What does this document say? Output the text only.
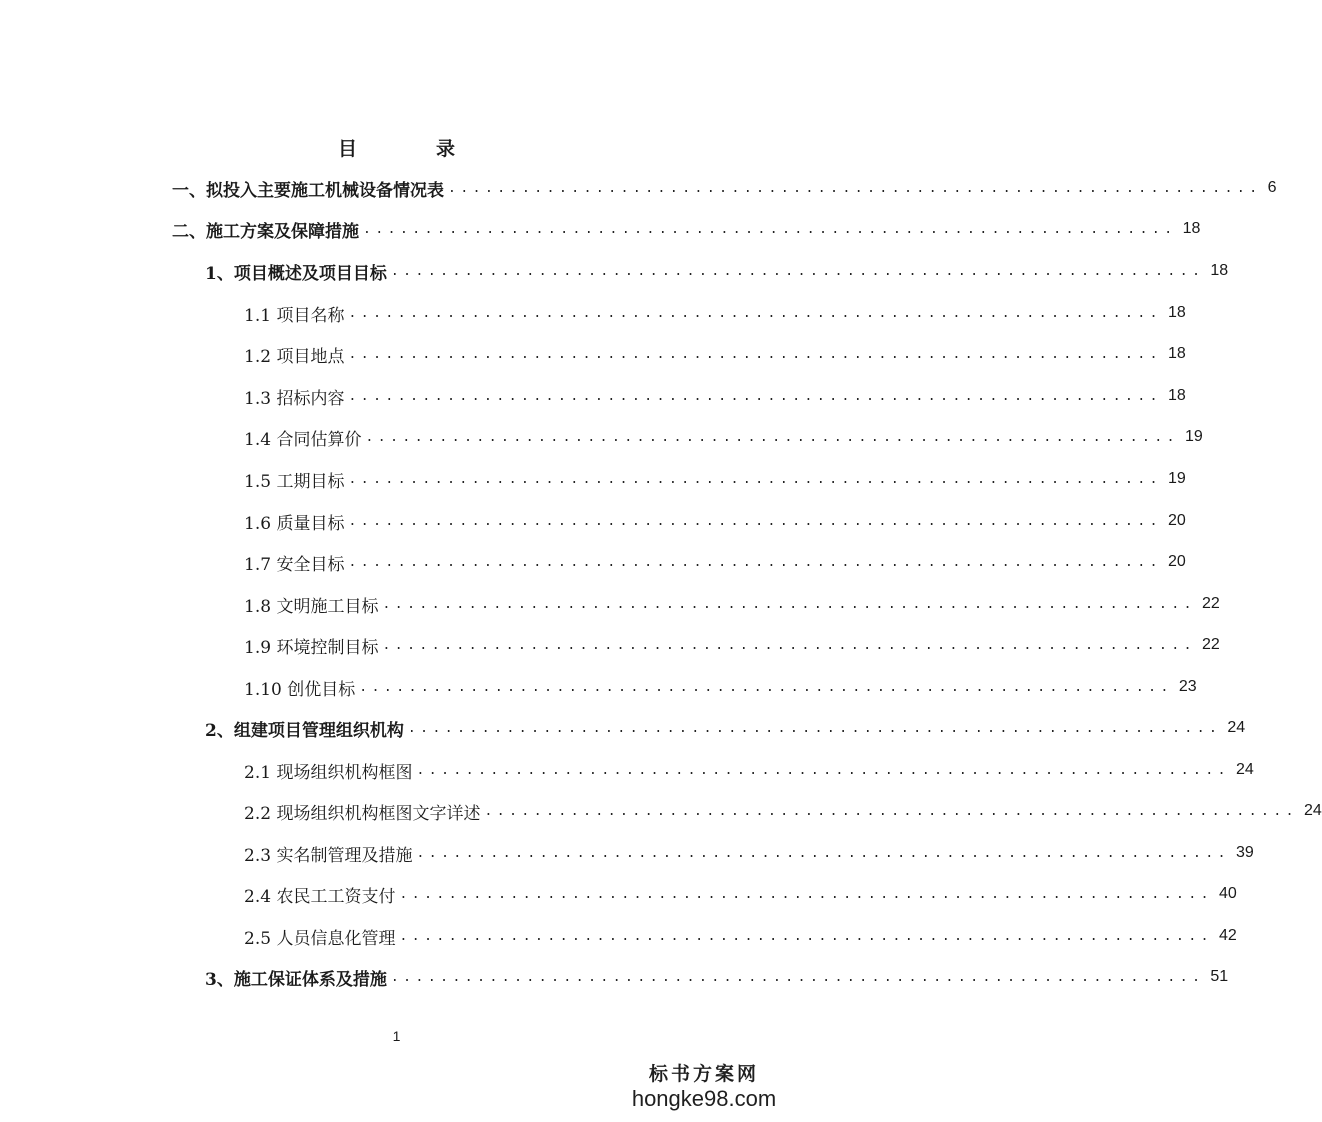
目　录
一、拟投入主要施工机械设备情况表 .................................................................. 6
二、施工方案及保障措施 .................................................................. 18
1、项目概述及项目目标 .................................................................. 18
1.1 项目名称 .................................................................. 18
1.2 项目地点 .................................................................. 18
1.3 招标内容 .................................................................. 18
1.4 合同估算价 .................................................................. 19
1.5 工期目标 .................................................................. 19
1.6 质量目标 .................................................................. 20
1.7 安全目标 .................................................................. 20
1.8 文明施工目标 .................................................................. 22
1.9 环境控制目标 .................................................................. 22
1.10 创优目标 .................................................................. 23
2、组建项目管理组织机构 .................................................................. 24
2.1 现场组织机构框图 .................................................................. 24
2.2 现场组织机构框图文字详述 .................................................................. 24
2.3 实名制管理及措施 .................................................................. 39
2.4 农民工工资支付 .................................................................. 40
2.5 人员信息化管理 .................................................................. 42
3、施工保证体系及措施 .................................................................. 51
1
标书方案网
hongke98.com
